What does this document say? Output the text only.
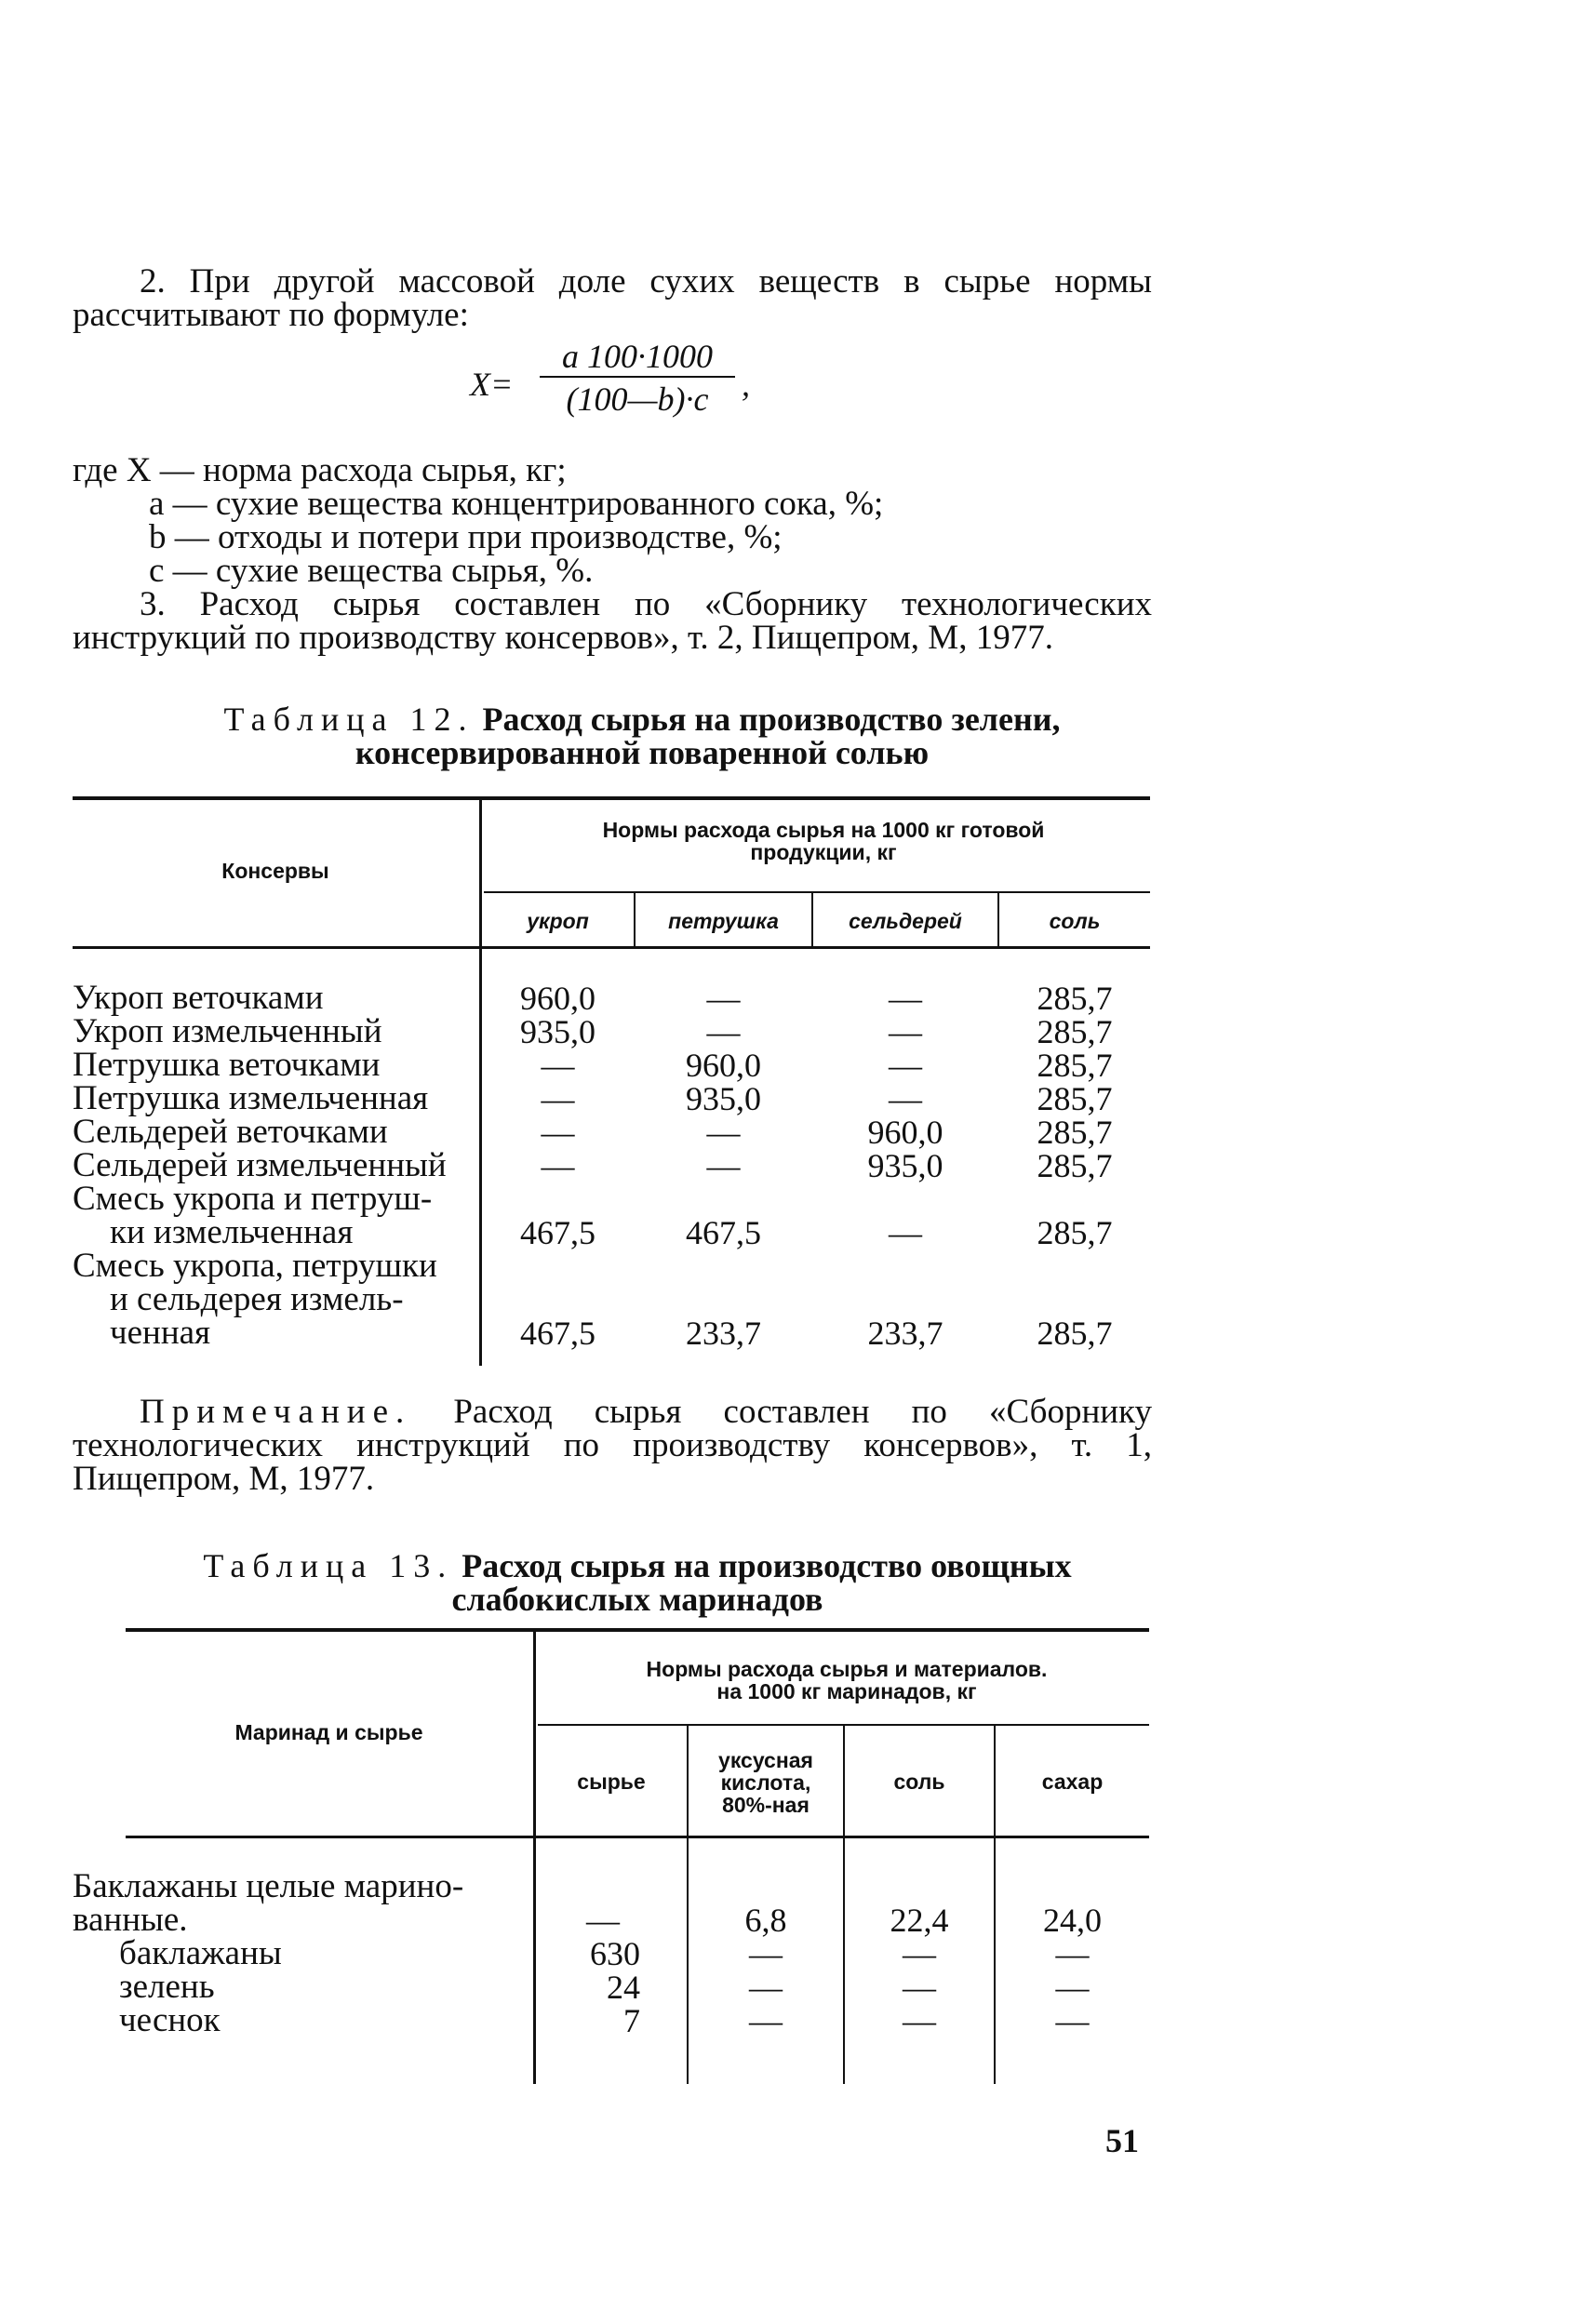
2. При другой массовой доле сухих веществ в сырье нормы рассчитывают по формуле:
X=
a 100·1000
(100—b)·c ,
где X — норма расхода сырья, кг;
a — сухие вещества концентрированного сока, %;
b — отходы и потери при производстве, %;
c — сухие вещества сырья, %.
3. Расход сырья составлен по «Сборнику технологических инструкций по производству консервов», т. 2, Пищепром, М, 1977.
Таблица 12. Расход сырья на производство зелени,
консервированной поваренной солью
Консервы
Нормы расхода сырья на 1000 кг готовой продукции, кг
укроп	петрушка	сельдерей	соль
Укроп веточками	960,0	—	—	285,7
Укроп измельченный	935,0	—	—	285,7
Петрушка веточками	—	960,0	—	285,7
Петрушка измельченная	—	935,0	—	285,7
Сельдерей веточками	—	—	960,0	285,7
Сельдерей измельченный	—	—	935,0	285,7
Смесь укропа и петруш-
ки измельченная	467,5	467,5	—	285,7
Смесь укропа, петрушки
и сельдерея измель-
ченная	467,5	233,7	233,7	285,7
Примечание. Расход сырья составлен по «Сборнику технологических инструкций по производству консервов», т. 1, Пищепром, М, 1977.
Таблица 13. Расход сырья на производство овощных
слабокислых маринадов
Маринад и сырье
Нормы расхода сырья и материалов.
на 1000 кг маринадов, кг
сырье
уксусная
кислота,
80%-ная
соль	сахар
Баклажаны целые марино-
ванные.	—	6,8	22,4	24,0
баклажаны	630	—	—	—
зелень	24	—	—	—
чеснок	7	—	—	—
51
